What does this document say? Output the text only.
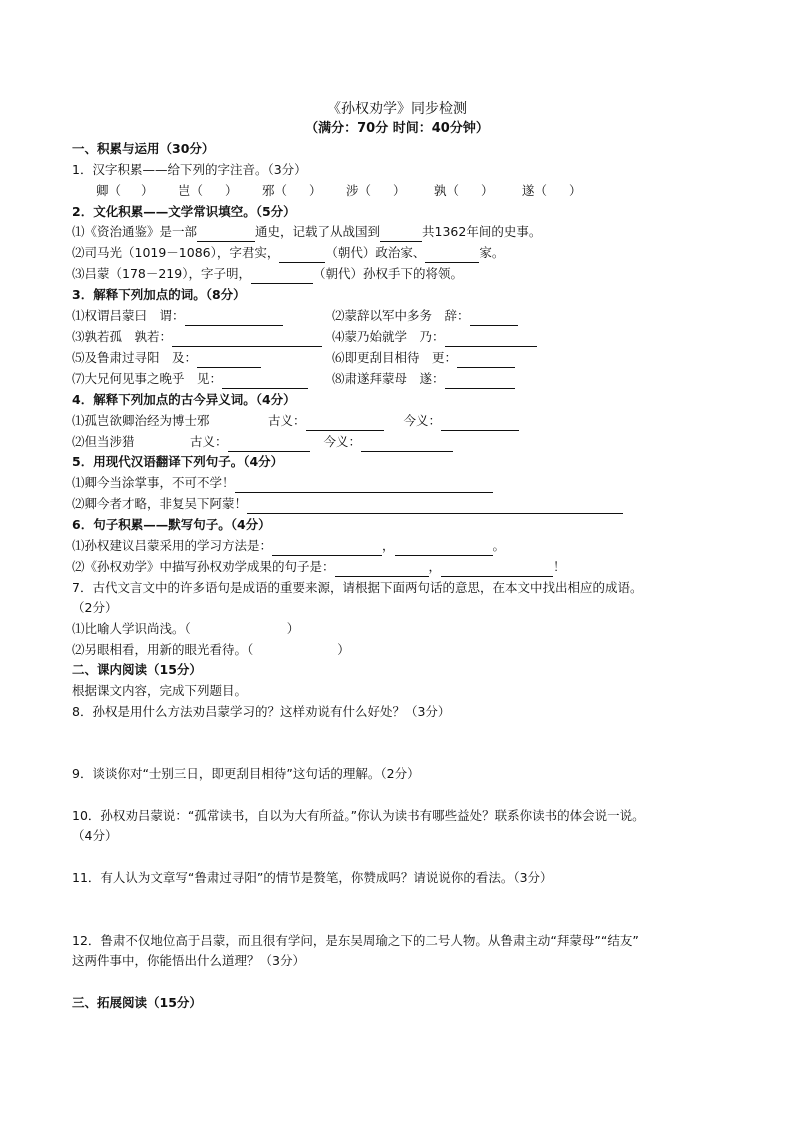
《孙权劝学》同步检测
（满分：70分 时间：40分钟）
一、积累与运用（30分）
1．汉字积累——给下列的字注音。（3分）
卿（ ） 岂（ ） 邪（ ） 涉（ ） 孰（ ） 遂（ ）
2．文化积累——文学常识填空。（5分）
⑴《资治通鉴》是一部	通史，记载了从战国到	共1362年间的史事。
⑵司马光（1019－1086），字君实，	（朝代）政治家、	家。
⑶吕蒙（178－219），字子明，	（朝代）孙权手下的将领。
3．解释下列加点的词。（8分）
⑴权谓吕蒙曰　谓：	⑵蒙辞以军中多务　辞：
⑶孰若孤　孰若：	⑷蒙乃始就学　乃：
⑸及鲁肃过寻阳　及：	⑹即更刮目相待　更：
⑺大兄何见事之晚乎　见：	⑻肃遂拜蒙母　遂：
4．解释下列加点的古今异义词。（4分）
⑴孤岂欲卿治经为博士邪	古义：	今义：
⑵但当涉猎	古义：	今义：
5．用现代汉语翻译下列句子。（4分）
⑴卿今当涂掌事，不可不学！
⑵卿今者才略，非复吴下阿蒙！
6．句子积累——默写句子。（4分）
⑴孙权建议吕蒙采用的学习方法是：	，	。
⑵《孙权劝学》中描写孙权劝学成果的句子是：	，	！
7．古代文言文中的许多语句是成语的重要来源，请根据下面两句话的意思，在本文中找出相应的成语。
（2分）
⑴比喻人学识尚浅。（	）
⑵另眼相看，用新的眼光看待。（	）
二、课内阅读（15分）
根据课文内容，完成下列题目。
8．孙权是用什么方法劝吕蒙学习的？这样劝说有什么好处？（3分）
9．谈谈你对“士别三日，即更刮目相待”这句话的理解。（2分）
10．孙权劝吕蒙说：“孤常读书，自以为大有所益。”你认为读书有哪些益处？联系你读书的体会说一说。
（4分）
11．有人认为文章写“鲁肃过寻阳”的情节是赘笔，你赞成吗？请说说你的看法。（3分）
12．鲁肃不仅地位高于吕蒙，而且很有学问，是东吴周瑜之下的二号人物。从鲁肃主动“拜蒙母”“结友”
这两件事中，你能悟出什么道理？（3分）
三、拓展阅读（15分）
